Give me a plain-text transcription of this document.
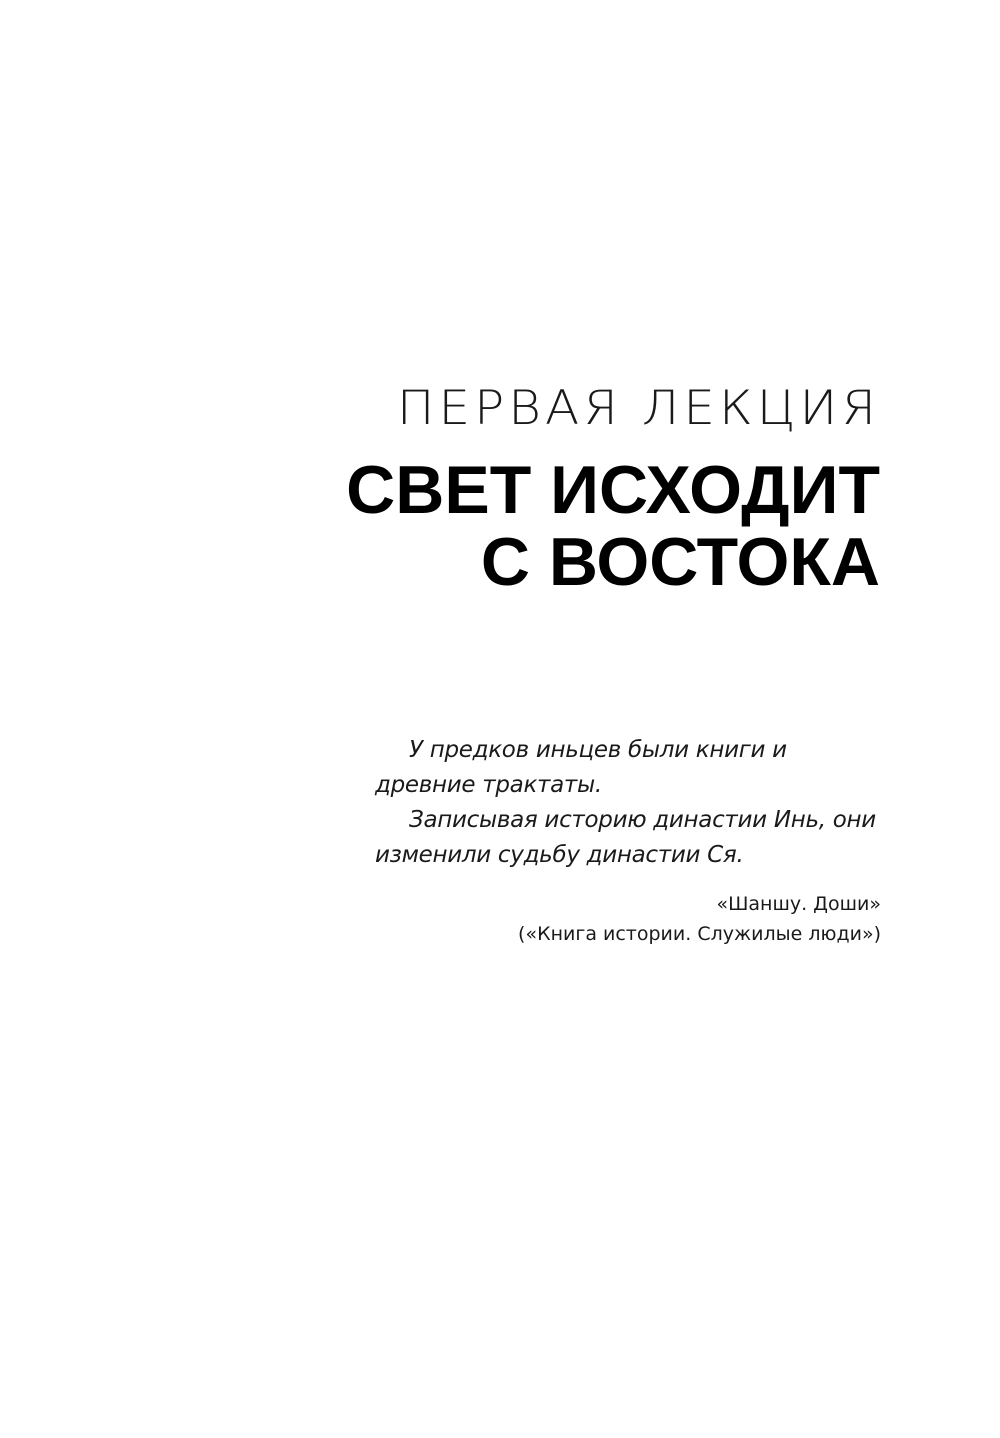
ПЕРВАЯ ЛЕКЦИЯ
СВЕТ ИСХОДИТ
С ВОСТОКА

У предков иньцев были книги и древние трактаты.

Записывая историю династии Инь, они изменили судьбу династии Ся.

«Шаншу. Доши»
(«Книга истории. Служилые люди»)
